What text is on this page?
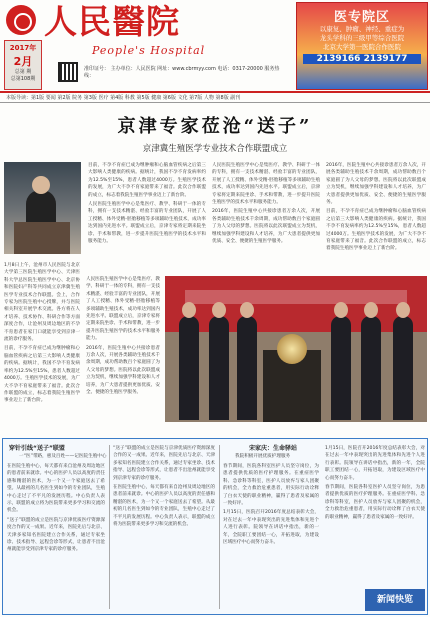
2017年
2月
总第 期
总第108期
人民醫院
People's Hospital
准印证号： 主办单位：人民医院 网址：www.cbrmyy.com 电话：0317-20000 服务热线：
医专院区
以康复、肿瘤、神经、重症为
龙头学科的三级甲等综合医院
北京大学第一医院合作医院
2139166 2139177
本版导读：第1版 要闻 第2版 院务 第3版 医疗 第4版 科教 第5版 健康 第6版 文化 第7版 人物 第8版 副刊
京津专家莅沧“送子”
京津冀生殖医学专业技术合作联盟成立

目前，不孕不育症已成为继肿瘤和心脑血管疾病之后第三大影响人类健康的疾病。据统计，我国不孕不育发病率约为12.5%至15%，患者人数超过4000万。生殖医学技术的发展，为广大不孕不育家庭带来了福音。此次合作联盟的成立，标志着我院生殖医学事业迈上了新台阶。

人民医院生殖医学中心是集医疗、教学、科研于一体的专科，拥有一支技术精湛、经验丰富的专业团队，开展了人工授精、体外受精-胚胎移植等多项辅助生殖技术，成功率达到国内先进水平。联盟成立后，京津专家将定期来院坐诊、手术和带教，进一步提升医院生殖医学的技术水平和服务能力。

人民医院生殖医学中心是集医疗、教学、科研于一体的专科，拥有一支技术精湛、经验丰富的专业团队，开展了人工授精、体外受精-胚胎移植等多项辅助生殖技术，成功率达到国内先进水平。联盟成立后，京津专家将定期来院坐诊、手术和带教，进一步提升医院生殖医学的技术水平和服务能力。

2016年，医院生殖中心共接诊患者万余人次，开展各类辅助生殖技术千余周期，成功帮助数百个家庭圆了为人父母的梦想。医院将以此次联盟成立为契机，继续加强学科建设和人才培养，为广大患者提供更加优质、安全、便捷的生殖医学服务。

2016年，医院生殖中心共接诊患者万余人次，开展各类辅助生殖技术千余周期，成功帮助数百个家庭圆了为人父母的梦想。医院将以此次联盟成立为契机，继续加强学科建设和人才培养，为广大患者提供更加优质、安全、便捷的生殖医学服务。

目前，不孕不育症已成为继肿瘤和心脑血管疾病之后第三大影响人类健康的疾病。据统计，我国不孕不育发病率约为12.5%至15%，患者人数超过4000万。生殖医学技术的发展，为广大不孕不育家庭带来了福音。此次合作联盟的成立，标志着我院生殖医学事业迈上了新台阶。

1月8日上午，沧州市人民医院与北京大学第三医院生殖医学中心、天津医科大学总医院生殖医学中心、北京协和医院妇产科等共同成立京津冀生殖医学专业技术合作联盟。会上，合作专家为医院生殖中心授牌，并与医院相关科室开展学术交流。各方将在人才培养、技术协作、科研合作等方面深度合作，让沧州及周边地区的不孕不育患者在家门口就能享受到京津一流的诊疗服务。

目前，不孕不育症已成为继肿瘤和心脑血管疾病之后第三大影响人类健康的疾病。据统计，我国不孕不育发病率约为12.5%至15%，患者人数超过4000万。生殖医学技术的发展，为广大不孕不育家庭带来了福音。此次合作联盟的成立，标志着我院生殖医学事业迈上了新台阶。

人民医院生殖医学中心是集医疗、教学、科研于一体的专科，拥有一支技术精湛、经验丰富的专业团队，开展了人工授精、体外受精-胚胎移植等多项辅助生殖技术，成功率达到国内先进水平。联盟成立后，京津专家将定期来院坐诊、手术和带教，进一步提升医院生殖医学的技术水平和服务能力。

2016年，医院生殖中心共接诊患者万余人次，开展各类辅助生殖技术千余周期，成功帮助数百个家庭圆了为人父母的梦想。医院将以此次联盟成立为契机，继续加强学科建设和人才培养，为广大患者提供更加优质、安全、便捷的生殖医学服务。

穿针引线“送子”联盟
一“医”带路，惠及百姓——记医院生殖中心

在医院生殖中心，每天都有来自沧州及周边地区的患者前来就诊。中心的医护人员以高度的责任感和精湛的医术，为一个又一个家庭送去了希望。从最初的几名医生到如今的专业团队，生殖中心走过了不平凡的发展历程。中心负责人表示，联盟的成立将为医院带来更多学习和交流的机会。

“送子”联盟的成立是医院与京津优质医疗资源深度合作的又一成果。近年来，医院先后与北京、天津多家知名医院建立合作关系，通过专家坐诊、技术指导、远程会诊等形式，让患者不出沧州就能享受到京津专家的诊疗服务。

“送子”联盟的成立是医院与京津优质医疗资源深度合作的又一成果。近年来，医院先后与北京、天津多家知名医院建立合作关系，通过专家坐诊、技术指导、远程会诊等形式，让患者不出沧州就能享受到京津专家的诊疗服务。

在医院生殖中心，每天都有来自沧州及周边地区的患者前来就诊。中心的医护人员以高度的责任感和精湛的医术，为一个又一个家庭送去了希望。从最初的几名医生到如今的专业团队，生殖中心走过了不平凡的发展历程。中心负责人表示，联盟的成立将为医院带来更多学习和交流的机会。

宋家庆：生命驿站
我院积极开展优质护理服务

春节期间，医院各科室医护人员坚守岗位，为患者提供优质的医疗护理服务。在重症医学科、急诊科等科室，医护人员放弃与家人团聚的机会，全力救治危重患者，用实际行动诠释了白衣天使的职业精神，赢得了患者及家属的一致好评。

1月15日，医院召开2016年度总结表彰大会，对在过去一年中表现突出的先进集体和先进个人进行表彰。院领导在讲话中指出，新的一年，全院职工要团结一心，开拓进取，为建设区域医疗中心而努力奋斗。

1月15日，医院召开2016年度总结表彰大会，对在过去一年中表现突出的先进集体和先进个人进行表彰。院领导在讲话中指出，新的一年，全院职工要团结一心，开拓进取，为建设区域医疗中心而努力奋斗。

春节期间，医院各科室医护人员坚守岗位，为患者提供优质的医疗护理服务。在重症医学科、急诊科等科室，医护人员放弃与家人团聚的机会，全力救治危重患者，用实际行动诠释了白衣天使的职业精神，赢得了患者及家属的一致好评。

新闻快览
